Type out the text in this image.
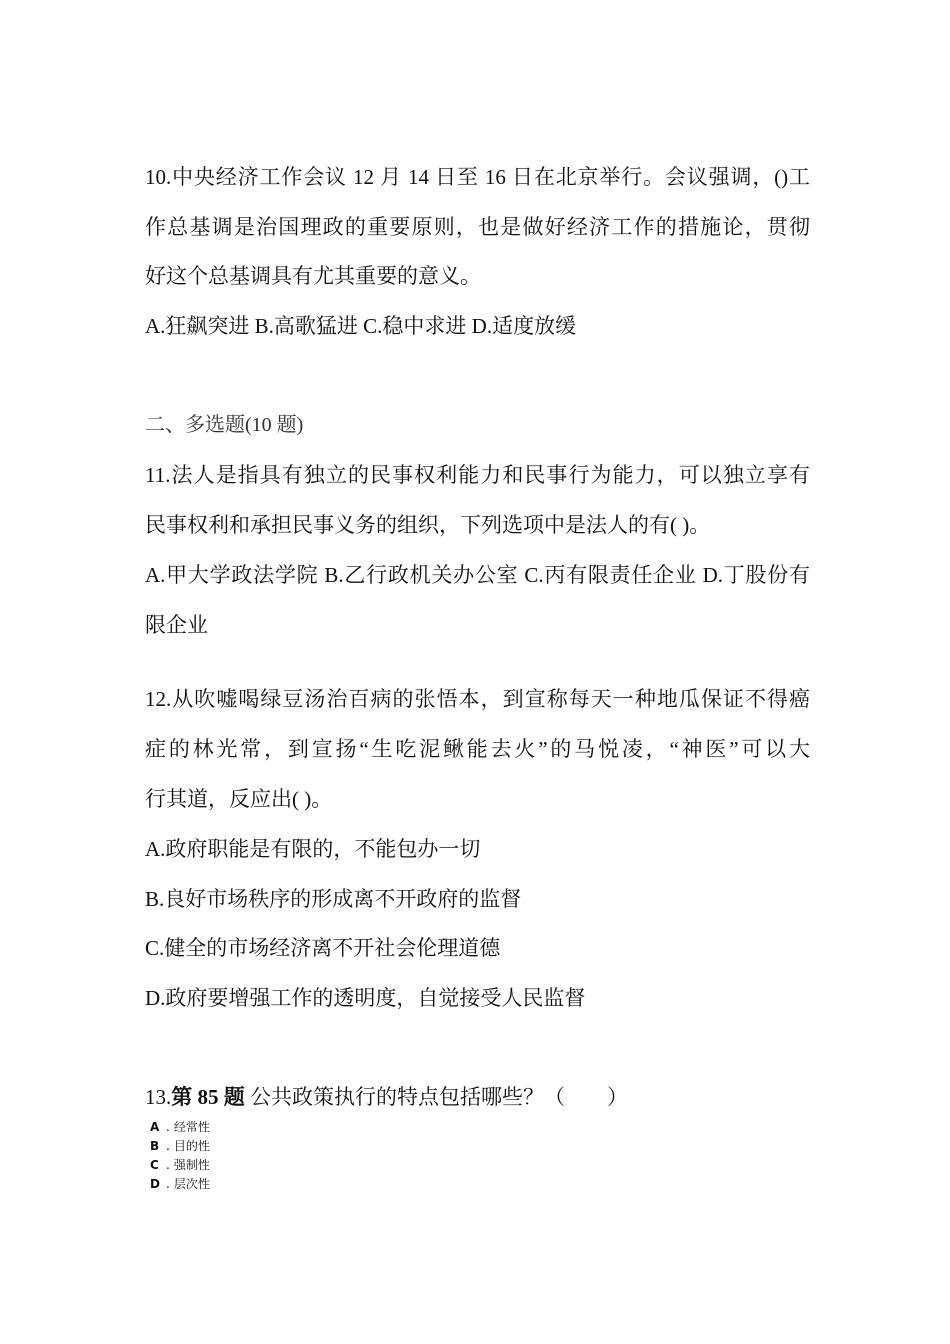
10.中央经济工作会议 12 月 14 日至 16 日在北京举行。会议强调，()工
作总基调是治国理政的重要原则，也是做好经济工作的措施论，贯彻
好这个总基调具有尤其重要的意义。
A.狂飙突进 B.高歌猛进 C.稳中求进 D.适度放缓
二、多选题(10 题)
11.法人是指具有独立的民事权利能力和民事行为能力，可以独立享有
民事权利和承担民事义务的组织，下列选项中是法人的有( )。
A.甲大学政法学院 B.乙行政机关办公室 C.丙有限责任企业 D.丁股份有
限企业
12.从吹嘘喝绿豆汤治百病的张悟本，到宣称每天一种地瓜保证不得癌
症的林光常，到宣扬“生吃泥鳅能去火”的马悦凌，“神医”可以大
行其道，反应出( )。
A.政府职能是有限的，不能包办一切
B.良好市场秩序的形成离不开政府的监督
C.健全的市场经济离不开社会伦理道德
D.政府要增强工作的透明度，自觉接受人民监督
13.第 85 题 公共政策执行的特点包括哪些？（　　）
A . 经常性
B . 目的性
C . 强制性
D . 层次性
